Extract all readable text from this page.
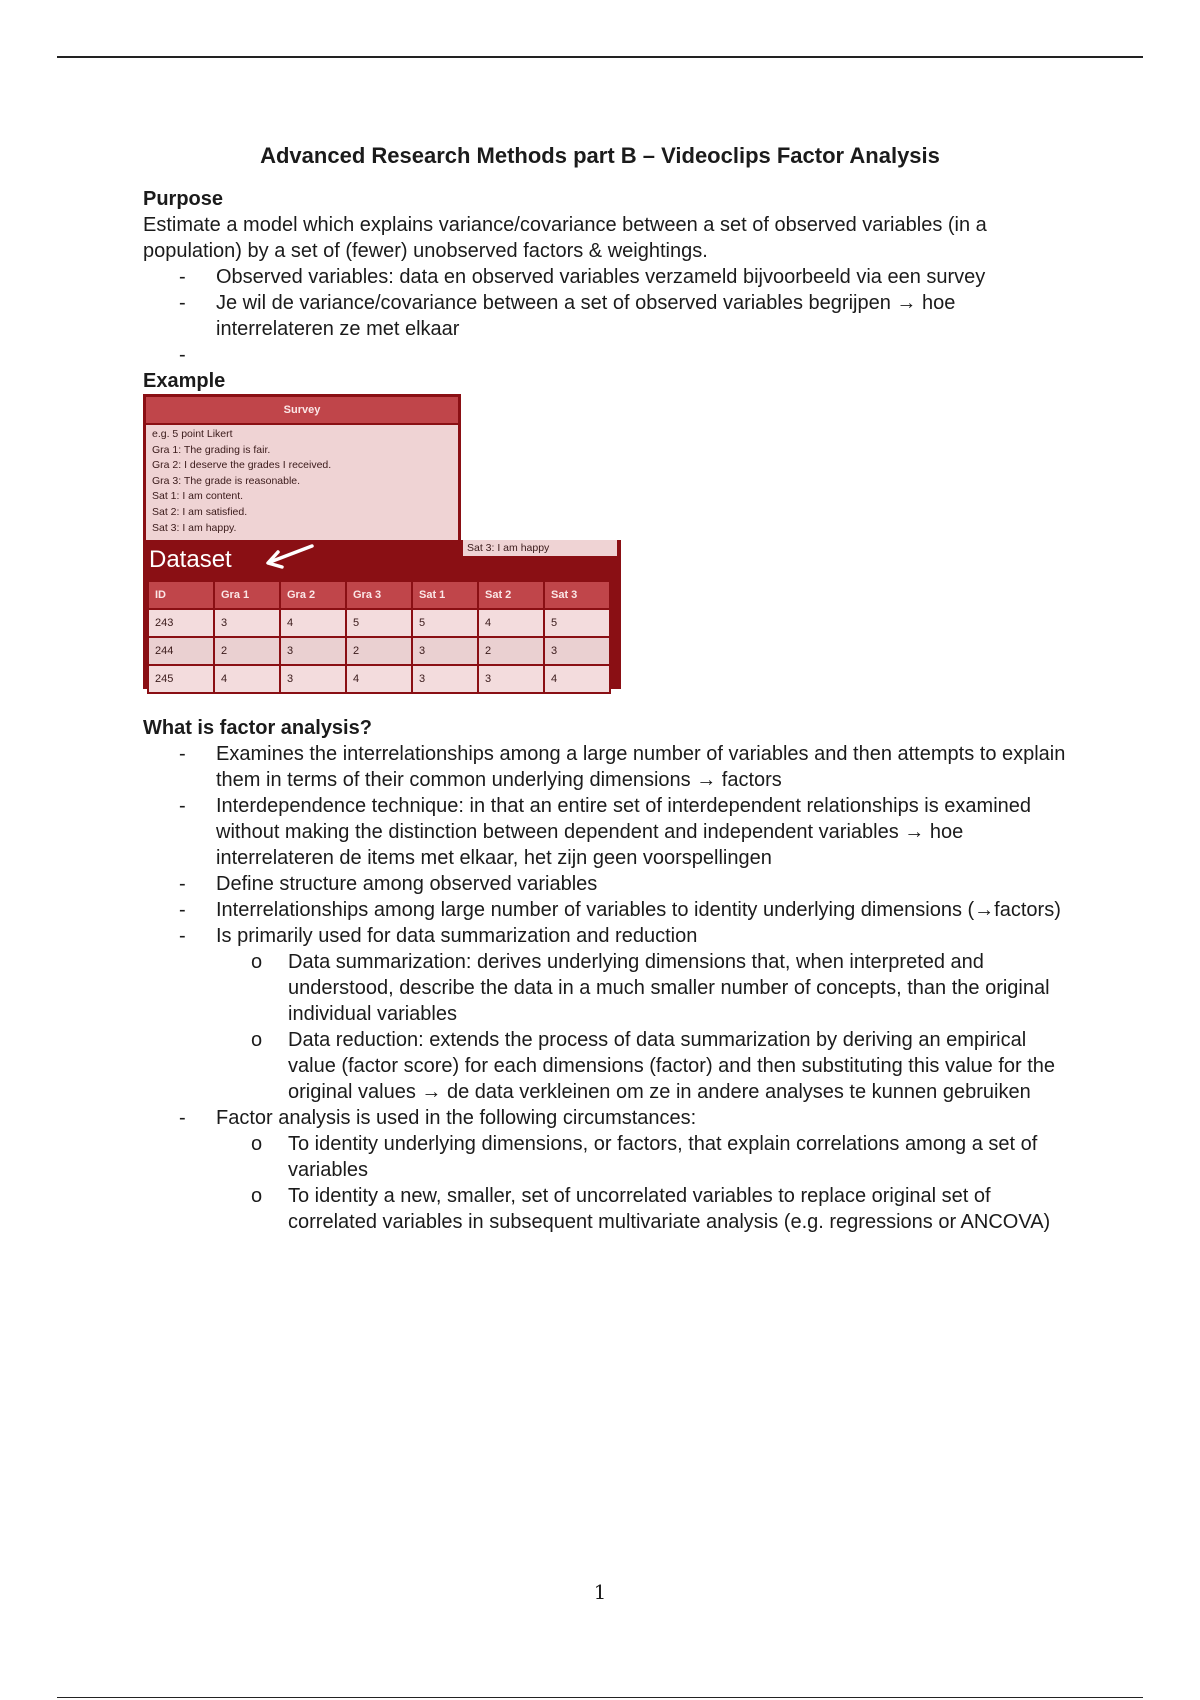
Advanced Research Methods part B – Videoclips Factor Analysis
Purpose

Estimate a model which explains variance/covariance between a set of observed variables (in a population) by a set of (fewer) unobserved factors & weightings.

- Observed variables: data en observed variables verzameld bijvoorbeeld via een survey
- Je wil de variance/covariance between a set of observed variables begrijpen → hoe interrelateren ze met elkaar
-
Example
Survey
e.g. 5 point Likert
Gra 1: The grading is fair.
Gra 2: I deserve the grades I received.
Gra 3: The grade is reasonable.
Sat 1: I am content.
Sat 2: I am satisfied.
Sat 3: I am happy.
Dataset	Sat 3: I am happy
ID	Gra 1	Gra 2	Gra 3	Sat 1	Sat 2	Sat 3
243	3	4	5	5	4	5
244	2	3	2	3	2	3
245	4	3	4	3	3	4
What is factor analysis?
- Examines the interrelationships among a large number of variables and then attempts to explain them in terms of their common underlying dimensions → factors
- Interdependence technique: in that an entire set of interdependent relationships is examined without making the distinction between dependent and independent variables → hoe interrelateren de items met elkaar, het zijn geen voorspellingen
- Define structure among observed variables
- Interrelationships among large number of variables to identity underlying dimensions (→factors)
- Is primarily used for data summarization and reduction
o Data summarization: derives underlying dimensions that, when interpreted and understood, describe the data in a much smaller number of concepts, than the original individual variables
o Data reduction: extends the process of data summarization by deriving an empirical value (factor score) for each dimensions (factor) and then substituting this value for the original values → de data verkleinen om ze in andere analyses te kunnen gebruiken
- Factor analysis is used in the following circumstances:
o To identity underlying dimensions, or factors, that explain correlations among a set of variables
o To identity a new, smaller, set of uncorrelated variables to replace original set of correlated variables in subsequent multivariate analysis (e.g. regressions or ANCOVA)
1
